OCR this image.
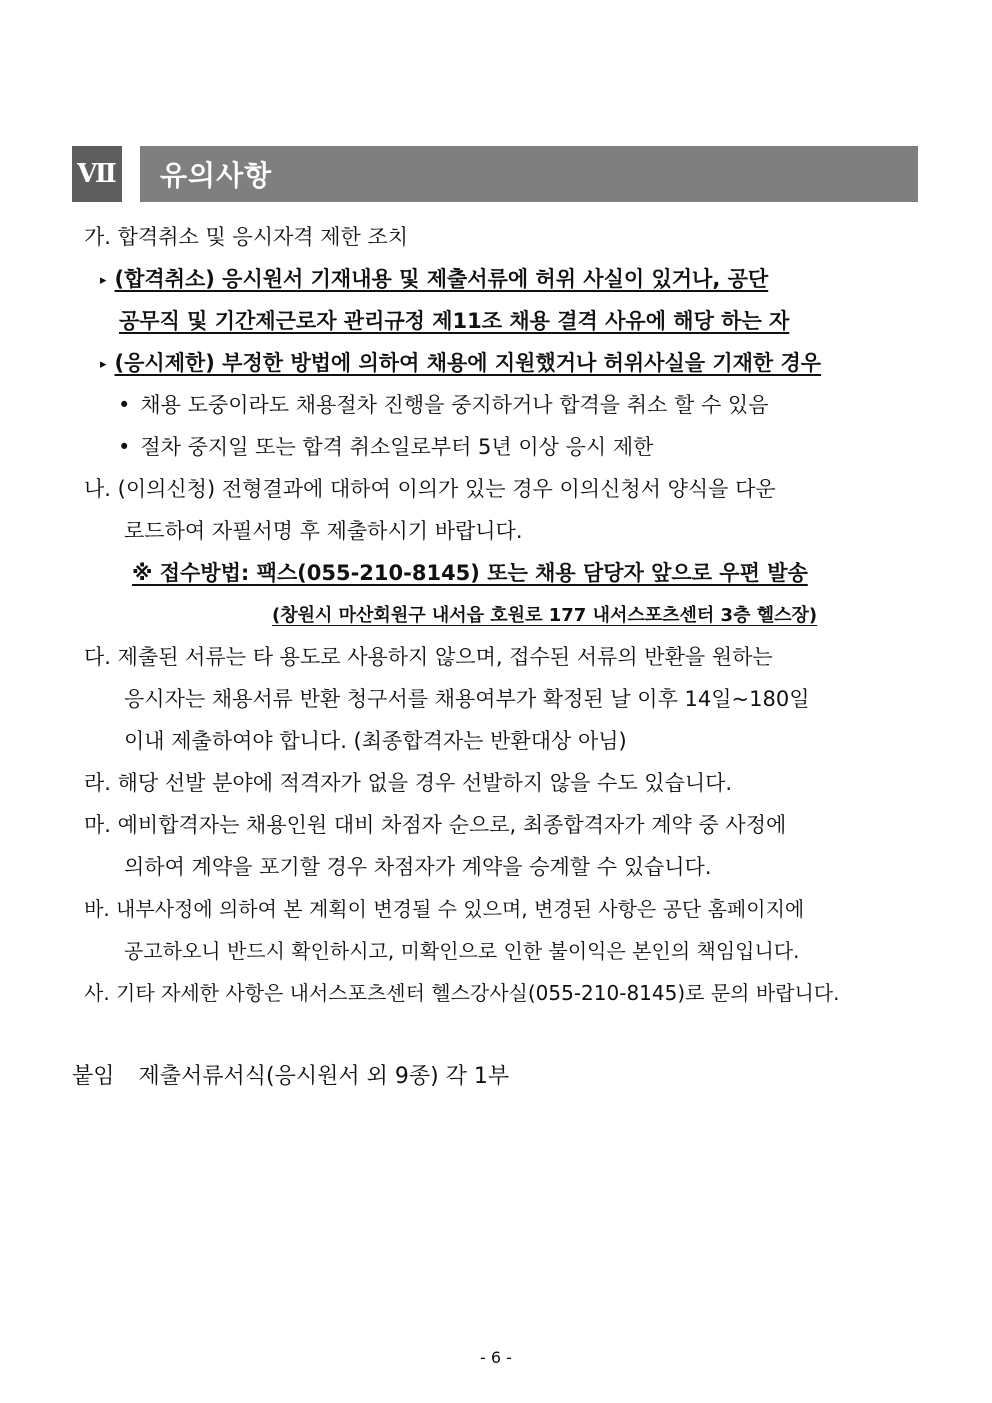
Ⅶ	유의사항
가. 합격취소 및 응시자격 제한 조치
▸ (합격취소) 응시원서 기재내용 및 제출서류에 허위 사실이 있거나, 공단
공무직 및 기간제근로자 관리규정 제11조 채용 결격 사유에 해당 하는 자
▸ (응시제한) 부정한 방법에 의하여 채용에 지원했거나 허위사실을 기재한 경우
• 채용 도중이라도 채용절차 진행을 중지하거나 합격을 취소 할 수 있음
• 절차 중지일 또는 합격 취소일로부터 5년 이상 응시 제한
나. (이의신청) 전형결과에 대하여 이의가 있는 경우 이의신청서 양식을 다운
로드하여 자필서명 후 제출하시기 바랍니다.
※ 접수방법: 팩스(055-210-8145) 또는 채용 담당자 앞으로 우편 발송
(창원시 마산회원구 내서읍 호원로 177 내서스포츠센터 3층 헬스장)
다. 제출된 서류는 타 용도로 사용하지 않으며, 접수된 서류의 반환을 원하는
응시자는 채용서류 반환 청구서를 채용여부가 확정된 날 이후 14일~180일
이내 제출하여야 합니다. (최종합격자는 반환대상 아님)
라. 해당 선발 분야에 적격자가 없을 경우 선발하지 않을 수도 있습니다.
마. 예비합격자는 채용인원 대비 차점자 순으로, 최종합격자가 계약 중 사정에
의하여 계약을 포기할 경우 차점자가 계약을 승계할 수 있습니다.
바. 내부사정에 의하여 본 계획이 변경될 수 있으며, 변경된 사항은 공단 홈페이지에
공고하오니 반드시 확인하시고, 미확인으로 인한 불이익은 본인의 책임입니다.
사. 기타 자세한 사항은 내서스포츠센터 헬스강사실(055-210-8145)로 문의 바랍니다.
붙임 제출서류서식(응시원서 외 9종) 각 1부
- 6 -
